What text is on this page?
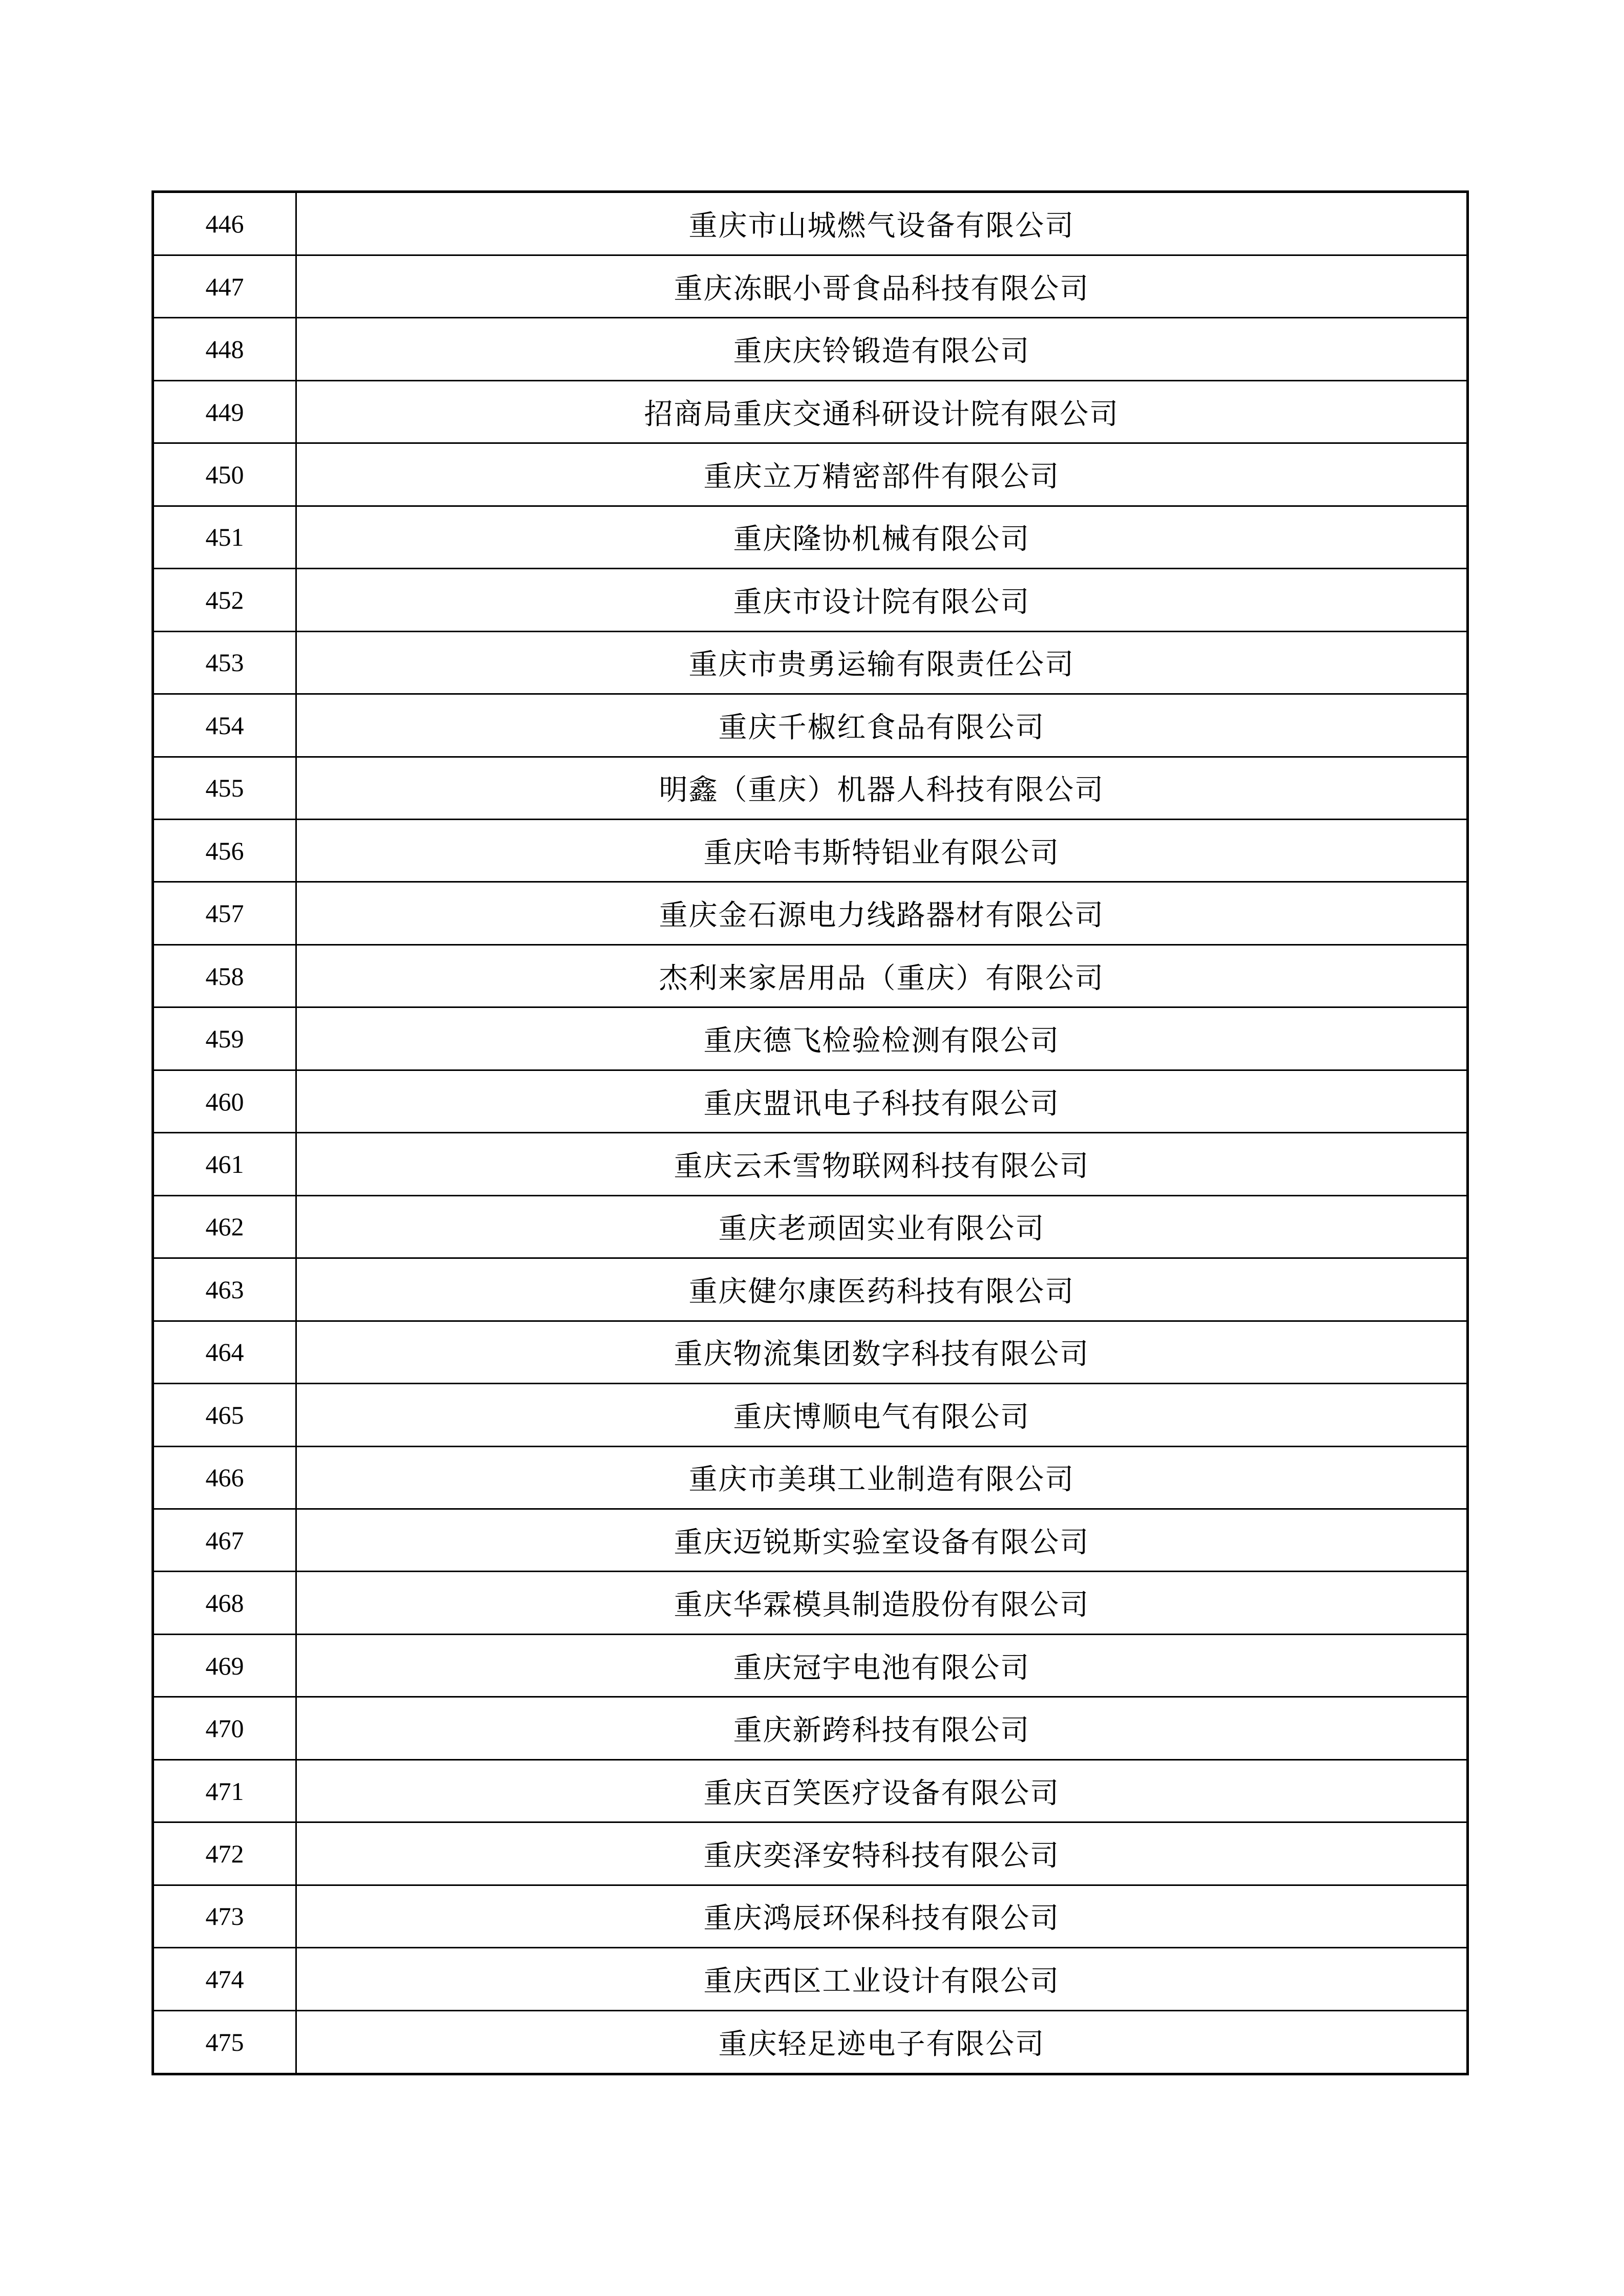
446	重庆市山城燃气设备有限公司
447	重庆冻眠小哥食品科技有限公司
448	重庆庆铃锻造有限公司
449	招商局重庆交通科研设计院有限公司
450	重庆立万精密部件有限公司
451	重庆隆协机械有限公司
452	重庆市设计院有限公司
453	重庆市贵勇运输有限责任公司
454	重庆千椒红食品有限公司
455	明鑫（重庆）机器人科技有限公司
456	重庆哈韦斯特铝业有限公司
457	重庆金石源电力线路器材有限公司
458	杰利来家居用品（重庆）有限公司
459	重庆德飞检验检测有限公司
460	重庆盟讯电子科技有限公司
461	重庆云禾雪物联网科技有限公司
462	重庆老顽固实业有限公司
463	重庆健尔康医药科技有限公司
464	重庆物流集团数字科技有限公司
465	重庆博顺电气有限公司
466	重庆市美琪工业制造有限公司
467	重庆迈锐斯实验室设备有限公司
468	重庆华霖模具制造股份有限公司
469	重庆冠宇电池有限公司
470	重庆新跨科技有限公司
471	重庆百笑医疗设备有限公司
472	重庆奕泽安特科技有限公司
473	重庆鸿辰环保科技有限公司
474	重庆西区工业设计有限公司
475	重庆轻足迹电子有限公司
